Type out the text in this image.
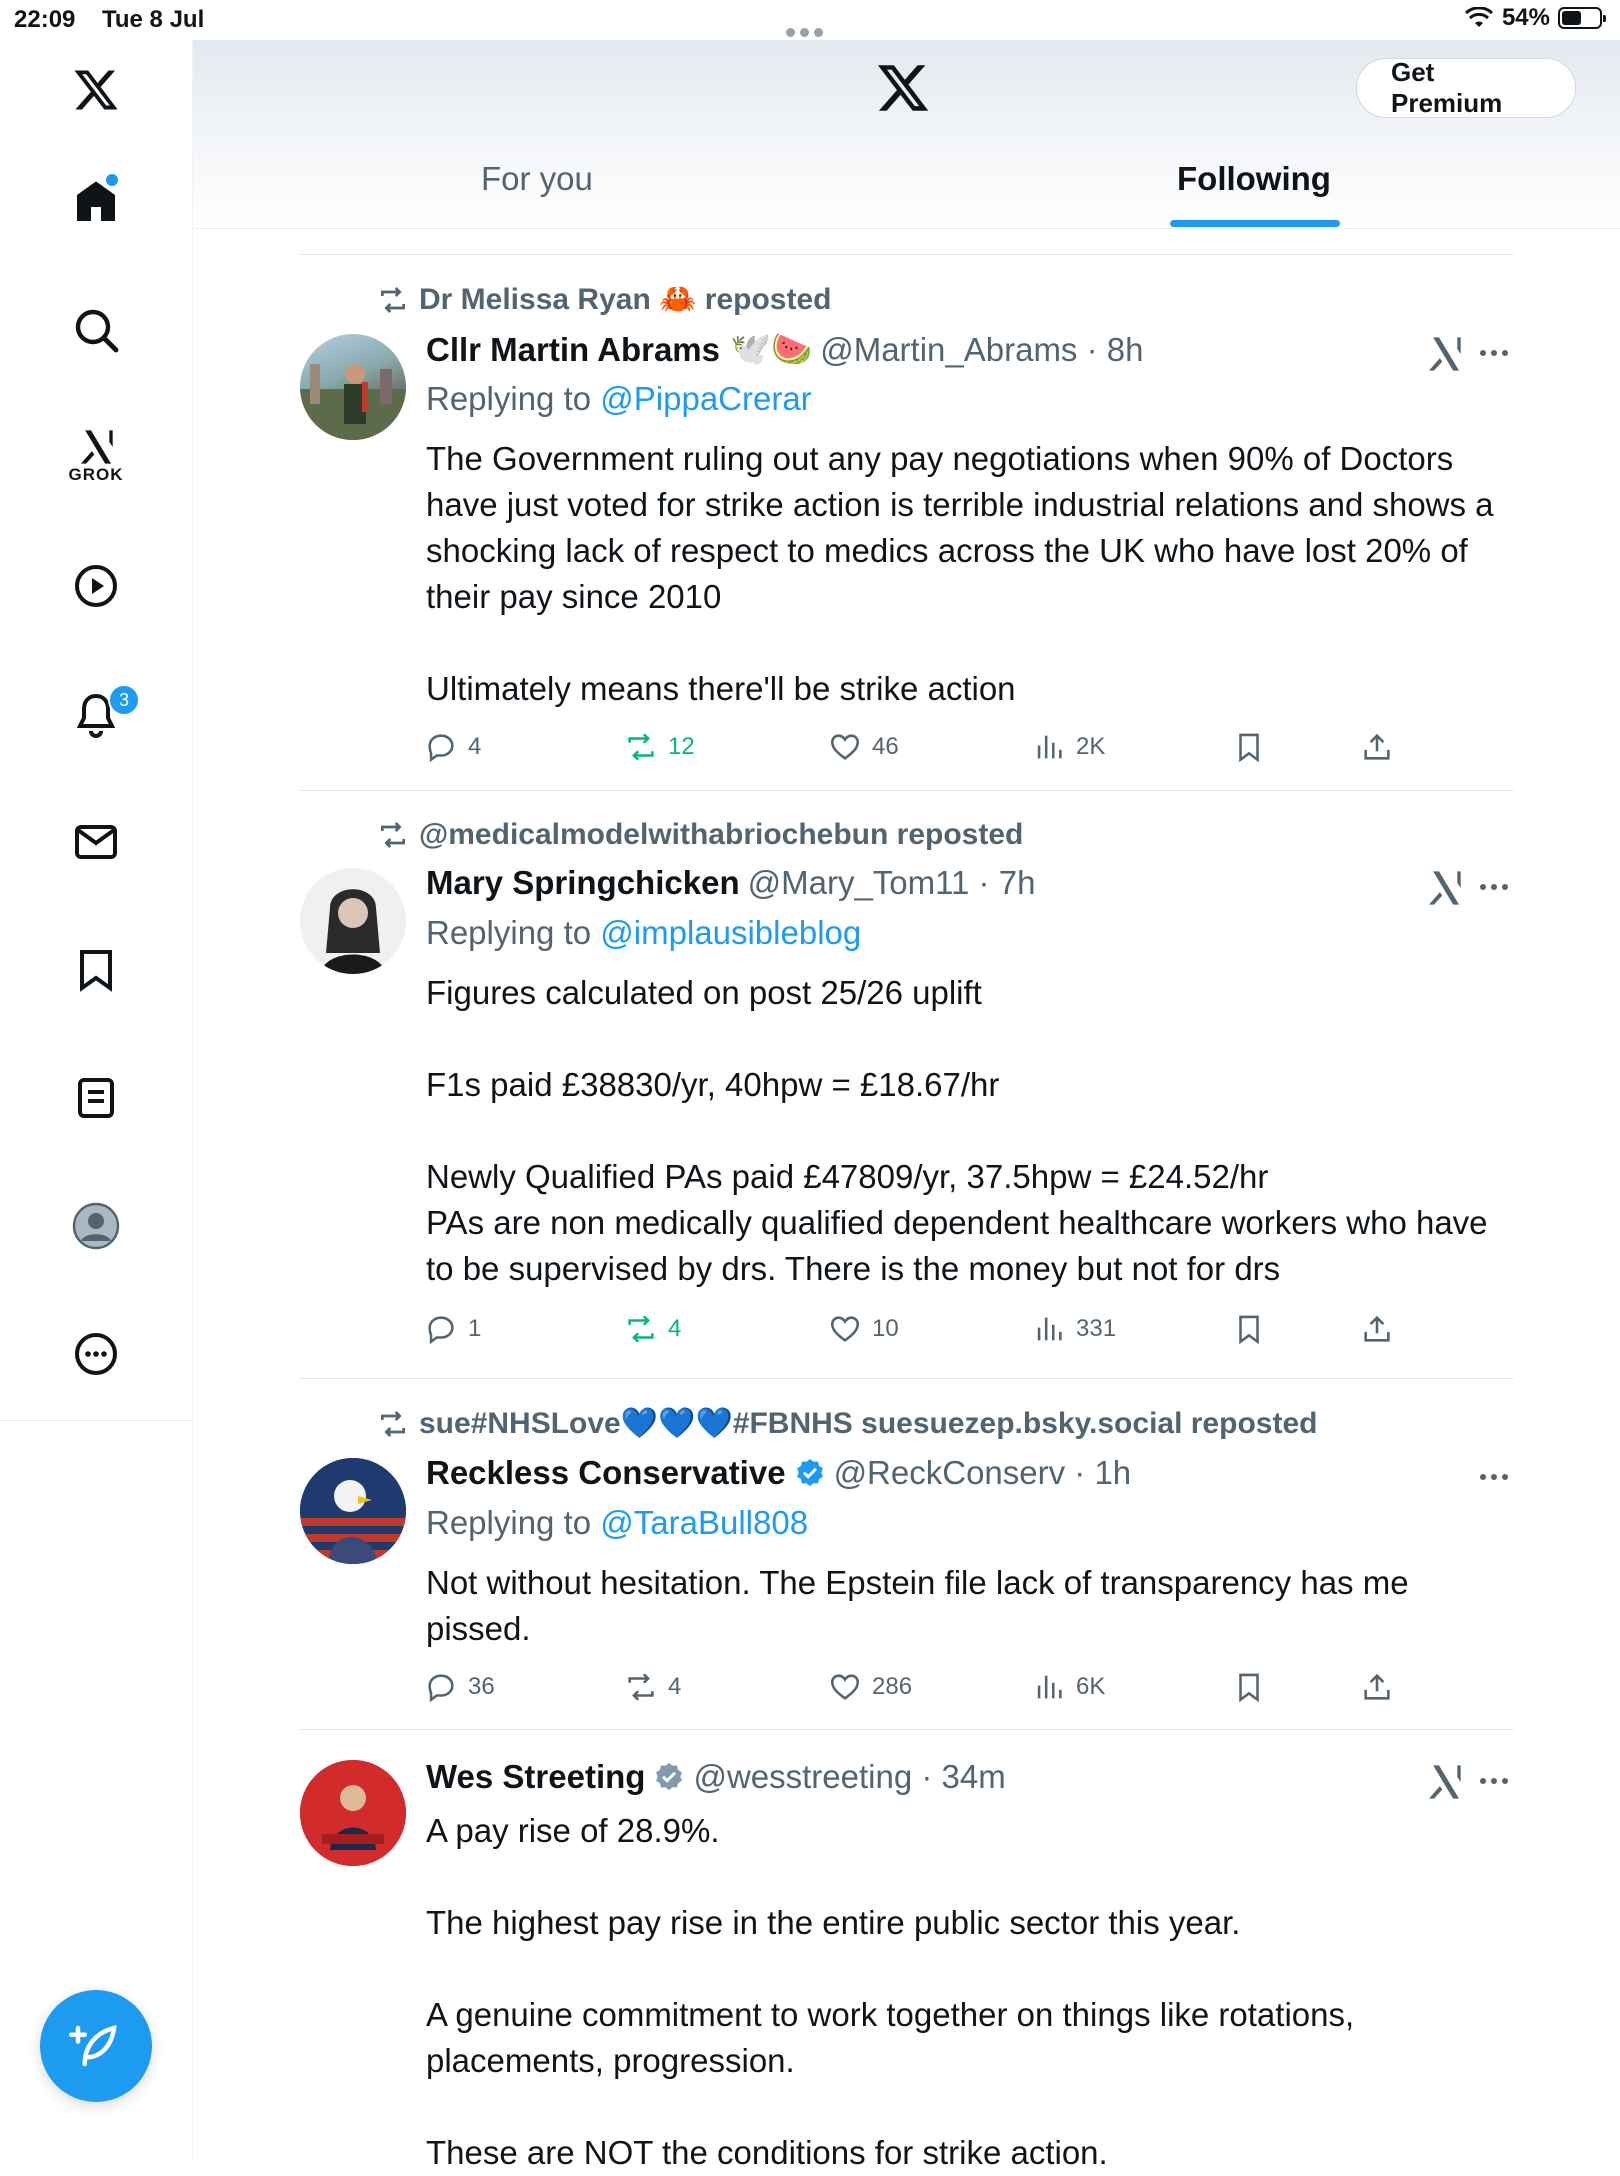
22:09 Tue 8 Jul	54%
GROK
3
Get Premium
For you	Following
Dr Melissa Ryan 🦀 reposted
Cllr Martin Abrams 🕊️🍉 @Martin_Abrams · 8h
Replying to @PippaCrerar
The Government ruling out any pay negotiations when 90% of Doctors have just voted for strike action is terrible industrial relations and shows a shocking lack of respect to medics across the UK who have lost 20% of their pay since 2010

Ultimately means there'll be strike action
4	12	46	2K
@medicalmodelwithabriochebun reposted
Mary Springchicken @Mary_Tom11 · 7h
Replying to @implausibleblog
Figures calculated on post 25/26 uplift

F1s paid £38830/yr, 40hpw = £18.67/hr

Newly Qualified PAs paid £47809/yr, 37.5hpw = £24.52/hr
PAs are non medically qualified dependent healthcare workers who have to be supervised by drs. There is the money but not for drs
1	4	10	331
sue#NHSLove💙💙💙#FBNHS suesuezep.bsky.social reposted
Reckless Conservative @ReckConserv · 1h
Replying to @TaraBull808
Not without hesitation. The Epstein file lack of transparency has me pissed.
36	4	286	6K
Wes Streeting @wesstreeting · 34m
A pay rise of 28.9%.

The highest pay rise in the entire public sector this year.

A genuine commitment to work together on things like rotations, placements, progression.

These are NOT the conditions for strike action.
